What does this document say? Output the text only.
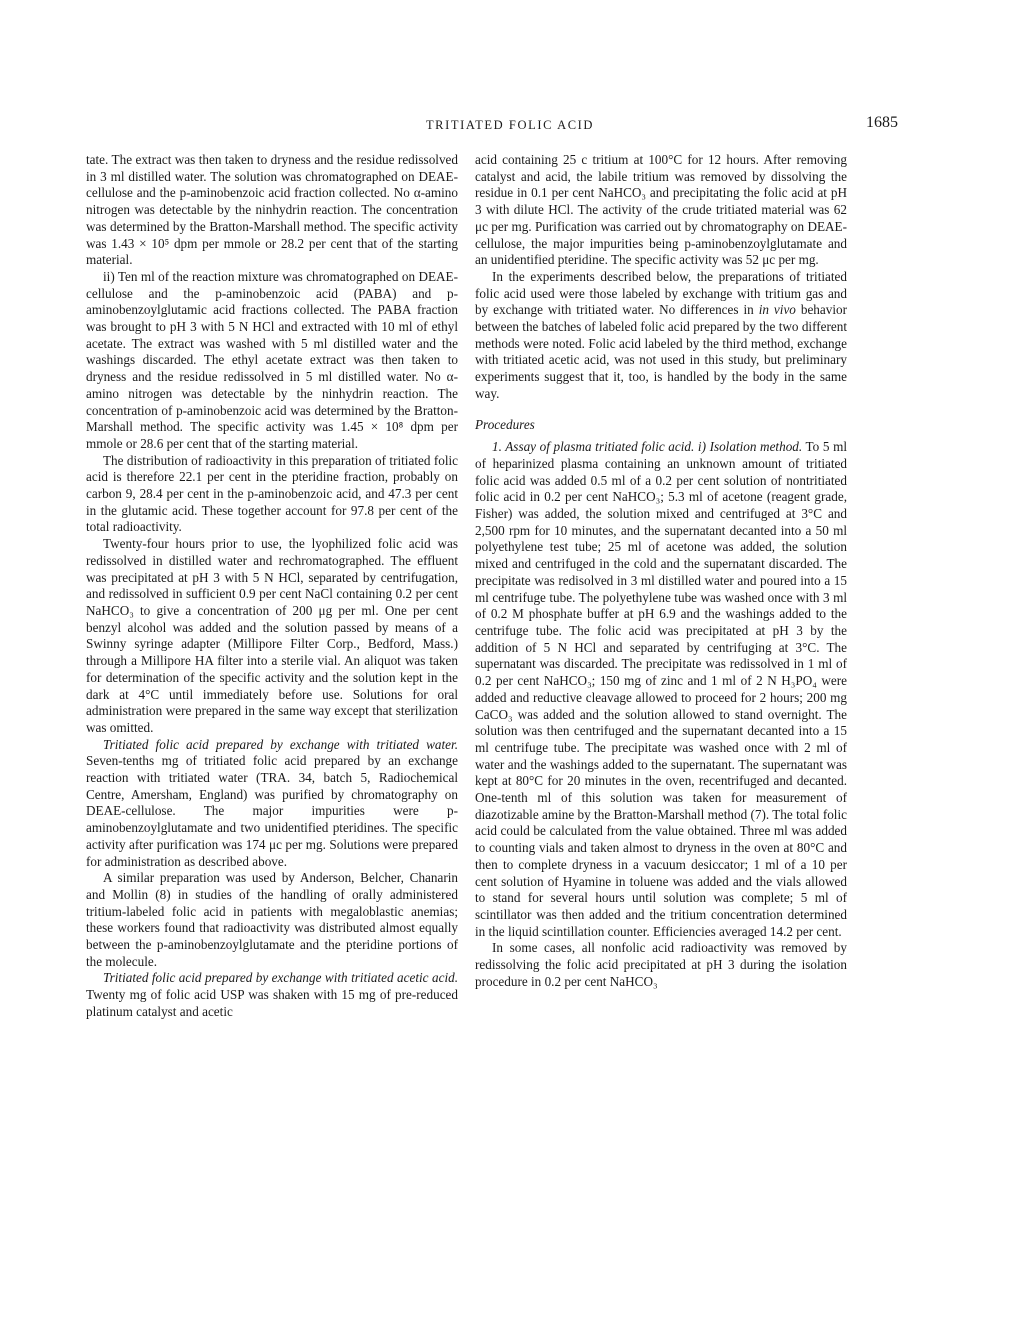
TRITIATED FOLIC ACID	1685

tate. The extract was then taken to dryness and the residue redissolved in 3 ml distilled water. The solution was chromatographed on DEAE-cellulose and the p-aminobenzoic acid fraction collected. No α-amino nitrogen was detectable by the ninhydrin reaction. The concentration was determined by the Bratton-Marshall method. The specific activity was 1.43 × 10⁵ dpm per mmole or 28.2 per cent that of the starting material.

ii) Ten ml of the reaction mixture was chromatographed on DEAE-cellulose and the p-aminobenzoic acid (PABA) and p-aminobenzoylglutamic acid fractions collected. The PABA fraction was brought to pH 3 with 5 N HCl and extracted with 10 ml of ethyl acetate. The extract was washed with 5 ml distilled water and the washings discarded. The ethyl acetate extract was then taken to dryness and the residue redissolved in 5 ml distilled water. No α-amino nitrogen was detectable by the ninhydrin reaction. The concentration of p-aminobenzoic acid was determined by the Bratton-Marshall method. The specific activity was 1.45 × 10⁸ dpm per mmole or 28.6 per cent that of the starting material.

The distribution of radioactivity in this preparation of tritiated folic acid is therefore 22.1 per cent in the pteridine fraction, probably on carbon 9, 28.4 per cent in the p-aminobenzoic acid, and 47.3 per cent in the glutamic acid. These together account for 97.8 per cent of the total radioactivity.

Twenty-four hours prior to use, the lyophilized folic acid was redissolved in distilled water and rechromatographed. The effluent was precipitated at pH 3 with 5 N HCl, separated by centrifugation, and redissolved in sufficient 0.9 per cent NaCl containing 0.2 per cent NaHCO₃ to give a concentration of 200 μg per ml. One per cent benzyl alcohol was added and the solution passed by means of a Swinny syringe adapter (Millipore Filter Corp., Bedford, Mass.) through a Millipore HA filter into a sterile vial. An aliquot was taken for determination of the specific activity and the solution kept in the dark at 4°C until immediately before use. Solutions for oral administration were prepared in the same way except that sterilization was omitted.

Tritiated folic acid prepared by exchange with tritiated water. Seven-tenths mg of tritiated folic acid prepared by an exchange reaction with tritiated water (TRA. 34, batch 5, Radiochemical Centre, Amersham, England) was purified by chromatography on DEAE-cellulose. The major impurities were p-aminobenzoylglutamate and two unidentified pteridines. The specific activity after purification was 174 μc per mg. Solutions were prepared for administration as described above.

A similar preparation was used by Anderson, Belcher, Chanarin and Mollin (8) in studies of the handling of orally administered tritium-labeled folic acid in patients with megaloblastic anemias; these workers found that radioactivity was distributed almost equally between the p-aminobenzoylglutamate and the pteridine portions of the molecule.

Tritiated folic acid prepared by exchange with tritiated acetic acid. Twenty mg of folic acid USP was shaken with 15 mg of pre-reduced platinum catalyst and acetic

acid containing 25 c tritium at 100°C for 12 hours. After removing catalyst and acid, the labile tritium was removed by dissolving the residue in 0.1 per cent NaHCO₃ and precipitating the folic acid at pH 3 with dilute HCl. The activity of the crude tritiated material was 62 μc per mg. Purification was carried out by chromatography on DEAE-cellulose, the major impurities being p-aminobenzoylglutamate and an unidentified pteridine. The specific activity was 52 μc per mg.

In the experiments described below, the preparations of tritiated folic acid used were those labeled by exchange with tritium gas and by exchange with tritiated water. No differences in in vivo behavior between the batches of labeled folic acid prepared by the two different methods were noted. Folic acid labeled by the third method, exchange with tritiated acetic acid, was not used in this study, but preliminary experiments suggest that it, too, is handled by the body in the same way.

Procedures

1. Assay of plasma tritiated folic acid. i) Isolation method. To 5 ml of heparinized plasma containing an unknown amount of tritiated folic acid was added 0.5 ml of a 0.2 per cent solution of nontritiated folic acid in 0.2 per cent NaHCO₃; 5.3 ml of acetone (reagent grade, Fisher) was added, the solution mixed and centrifuged at 3°C and 2,500 rpm for 10 minutes, and the supernatant decanted into a 50 ml polyethylene test tube; 25 ml of acetone was added, the solution mixed and centrifuged in the cold and the supernatant discarded. The precipitate was redisolved in 3 ml distilled water and poured into a 15 ml centrifuge tube. The polyethylene tube was washed once with 3 ml of 0.2 M phosphate buffer at pH 6.9 and the washings added to the centrifuge tube. The folic acid was precipitated at pH 3 by the addition of 5 N HCl and separated by centrifuging at 3°C. The supernatant was discarded. The precipitate was redissolved in 1 ml of 0.2 per cent NaHCO₃; 150 mg of zinc and 1 ml of 2 N H₃PO₄ were added and reductive cleavage allowed to proceed for 2 hours; 200 mg CaCO₃ was added and the solution allowed to stand overnight. The solution was then centrifuged and the supernatant decanted into a 15 ml centrifuge tube. The precipitate was washed once with 2 ml of water and the washings added to the supernatant. The supernatant was kept at 80°C for 20 minutes in the oven, recentrifuged and decanted. One-tenth ml of this solution was taken for measurement of diazotizable amine by the Bratton-Marshall method (7). The total folic acid could be calculated from the value obtained. Three ml was added to counting vials and taken almost to dryness in the oven at 80°C and then to complete dryness in a vacuum desiccator; 1 ml of a 10 per cent solution of Hyamine in toluene was added and the vials allowed to stand for several hours until solution was complete; 5 ml of scintillator was then added and the tritium concentration determined in the liquid scintillation counter. Efficiencies averaged 14.2 per cent.

In some cases, all nonfolic acid radioactivity was removed by redissolving the folic acid precipitated at pH 3 during the isolation procedure in 0.2 per cent NaHCO₃
